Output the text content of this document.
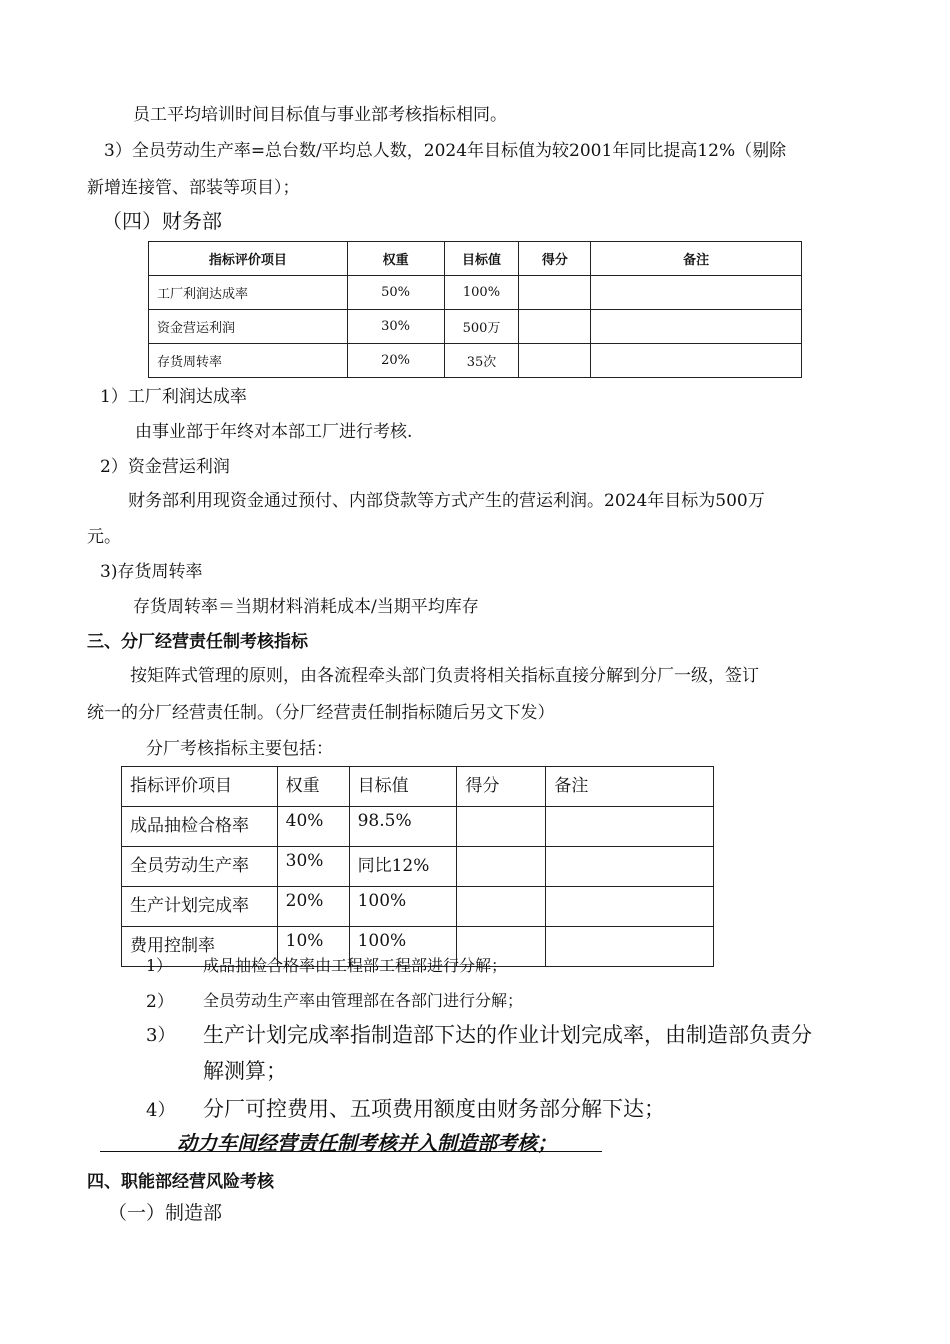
员工平均培训时间目标值与事业部考核指标相同。
3）全员劳动生产率=总台数/平均总人数，2024年目标值为较2001年同比提高12%（剔除
新增连接管、部装等项目）；
（四）财务部
指标评价项目	权重	目标值	得分	备注
工厂利润达成率	50%	100%		
资金营运利润	30%	500万		
存货周转率	20%	35次		
1）工厂利润达成率
由事业部于年终对本部工厂进行考核.
2）资金营运利润
财务部利用现资金通过预付、内部贷款等方式产生的营运利润。2024年目标为500万
元。
3)存货周转率
存货周转率＝当期材料消耗成本/当期平均库存
三、分厂经营责任制考核指标
按矩阵式管理的原则，由各流程牵头部门负责将相关指标直接分解到分厂一级，签订
统一的分厂经营责任制。（分厂经营责任制指标随后另文下发）
分厂考核指标主要包括：
指标评价项目	权重	目标值	得分	备注
成品抽检合格率	40%	98.5%		
全员劳动生产率	30%	同比12%		
生产计划完成率	20%	100%		
费用控制率	10%	100%		
1） 成品抽检合格率由工程部工程部进行分解；
2） 全员劳动生产率由管理部在各部门进行分解；
3） 生产计划完成率指制造部下达的作业计划完成率，由制造部负责分
解测算；
4） 分厂可控费用、五项费用额度由财务部分解下达；
动力车间经营责任制考核并入制造部考核；
四、职能部经营风险考核
（一）制造部
